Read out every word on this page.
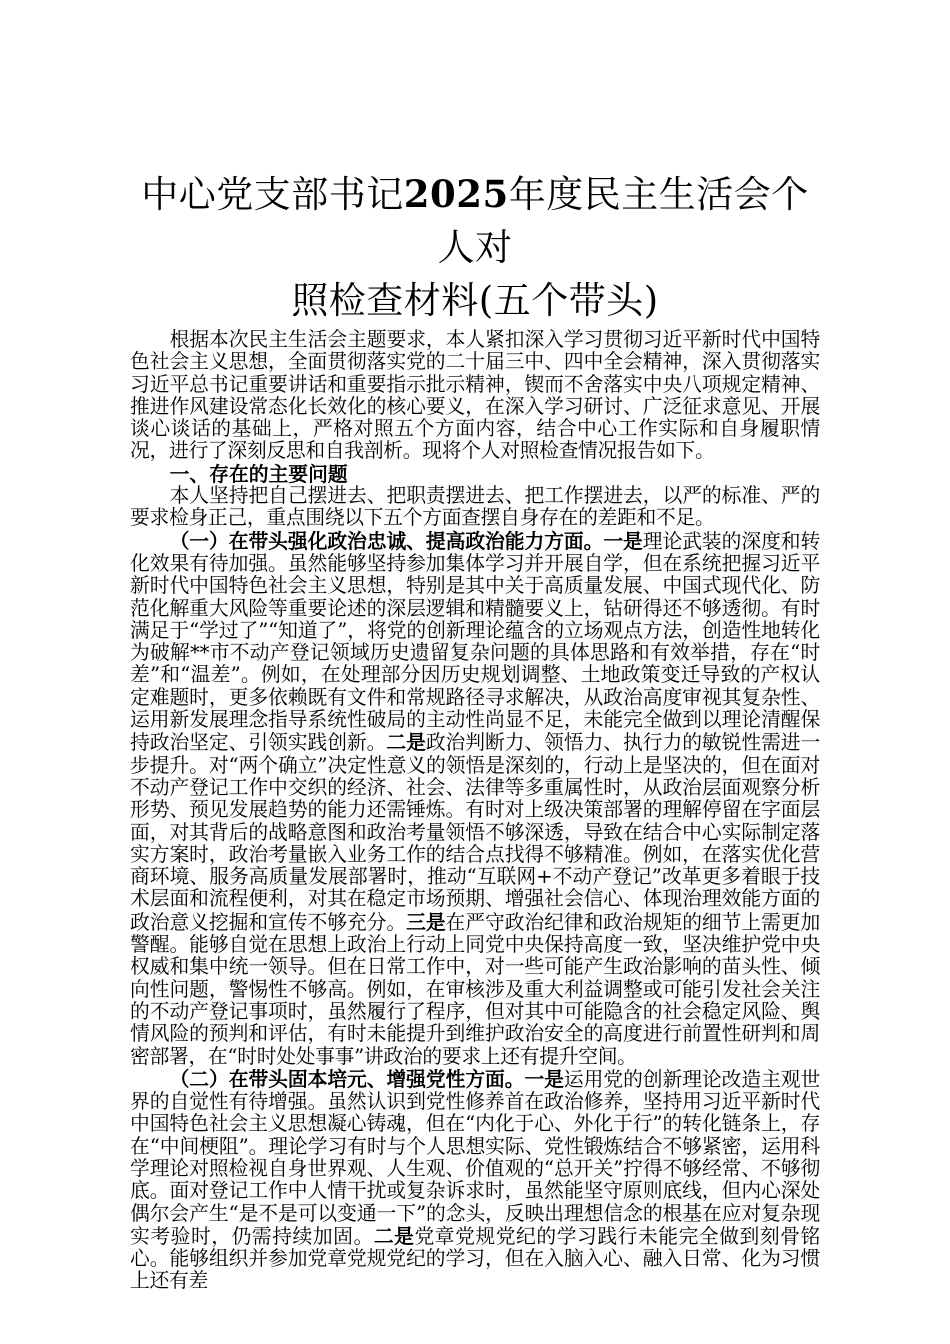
中心党支部书记2025年度民主生活会个人对
照检查材料(五个带头)

根据本次民主生活会主题要求，本人紧扣深入学习贯彻习近平新时代中国特色社会主义思想，全面贯彻落实党的二十届三中、四中全会精神，深入贯彻落实习近平总书记重要讲话和重要指示批示精神，锲而不舍落实中央八项规定精神、推进作风建设常态化长效化的核心要义，在深入学习研讨、广泛征求意见、开展谈心谈话的基础上，严格对照五个方面内容，结合中心工作实际和自身履职情况，进行了深刻反思和自我剖析。现将个人对照检查情况报告如下。

一、存在的主要问题

本人坚持把自己摆进去、把职责摆进去、把工作摆进去，以严的标准、严的要求检身正己，重点围绕以下五个方面查摆自身存在的差距和不足。

（一）在带头强化政治忠诚、提高政治能力方面。一是理论武装的深度和转化效果有待加强。虽然能够坚持参加集体学习并开展自学，但在系统把握习近平新时代中国特色社会主义思想，特别是其中关于高质量发展、中国式现代化、防范化解重大风险等重要论述的深层逻辑和精髓要义上，钻研得还不够透彻。有时满足于“学过了”“知道了”，将党的创新理论蕴含的立场观点方法，创造性地转化为破解**市不动产登记领域历史遗留复杂问题的具体思路和有效举措，存在“时差”和“温差”。例如，在处理部分因历史规划调整、土地政策变迁导致的产权认定难题时，更多依赖既有文件和常规路径寻求解决，从政治高度审视其复杂性、运用新发展理念指导系统性破局的主动性尚显不足，未能完全做到以理论清醒保持政治坚定、引领实践创新。二是政治判断力、领悟力、执行力的敏锐性需进一步提升。对“两个确立”决定性意义的领悟是深刻的，行动上是坚决的，但在面对不动产登记工作中交织的经济、社会、法律等多重属性时，从政治层面观察分析形势、预见发展趋势的能力还需锤炼。有时对上级决策部署的理解停留在字面层面，对其背后的战略意图和政治考量领悟不够深透，导致在结合中心实际制定落实方案时，政治考量嵌入业务工作的结合点找得不够精准。例如，在落实优化营商环境、服务高质量发展部署时，推动“互联网+不动产登记”改革更多着眼于技术层面和流程便利，对其在稳定市场预期、增强社会信心、体现治理效能方面的政治意义挖掘和宣传不够充分。三是在严守政治纪律和政治规矩的细节上需更加警醒。能够自觉在思想上政治上行动上同党中央保持高度一致，坚决维护党中央权威和集中统一领导。但在日常工作中，对一些可能产生政治影响的苗头性、倾向性问题，警惕性不够高。例如，在审核涉及重大利益调整或可能引发社会关注的不动产登记事项时，虽然履行了程序，但对其中可能隐含的社会稳定风险、舆情风险的预判和评估，有时未能提升到维护政治安全的高度进行前置性研判和周密部署，在“时时处处事事”讲政治的要求上还有提升空间。

（二）在带头固本培元、增强党性方面。一是运用党的创新理论改造主观世界的自觉性有待增强。虽然认识到党性修养首在政治修养，坚持用习近平新时代中国特色社会主义思想凝心铸魂，但在“内化于心、外化于行”的转化链条上，存在“中间梗阻”。理论学习有时与个人思想实际、党性锻炼结合不够紧密，运用科学理论对照检视自身世界观、人生观、价值观的“总开关”拧得不够经常、不够彻底。面对登记工作中人情干扰或复杂诉求时，虽然能坚守原则底线，但内心深处偶尔会产生“是不是可以变通一下”的念头，反映出理想信念的根基在应对复杂现实考验时，仍需持续加固。二是党章党规党纪的学习践行未能完全做到刻骨铭心。能够组织并参加党章党规党纪的学习，但在入脑入心、融入日常、化为习惯上还有差
